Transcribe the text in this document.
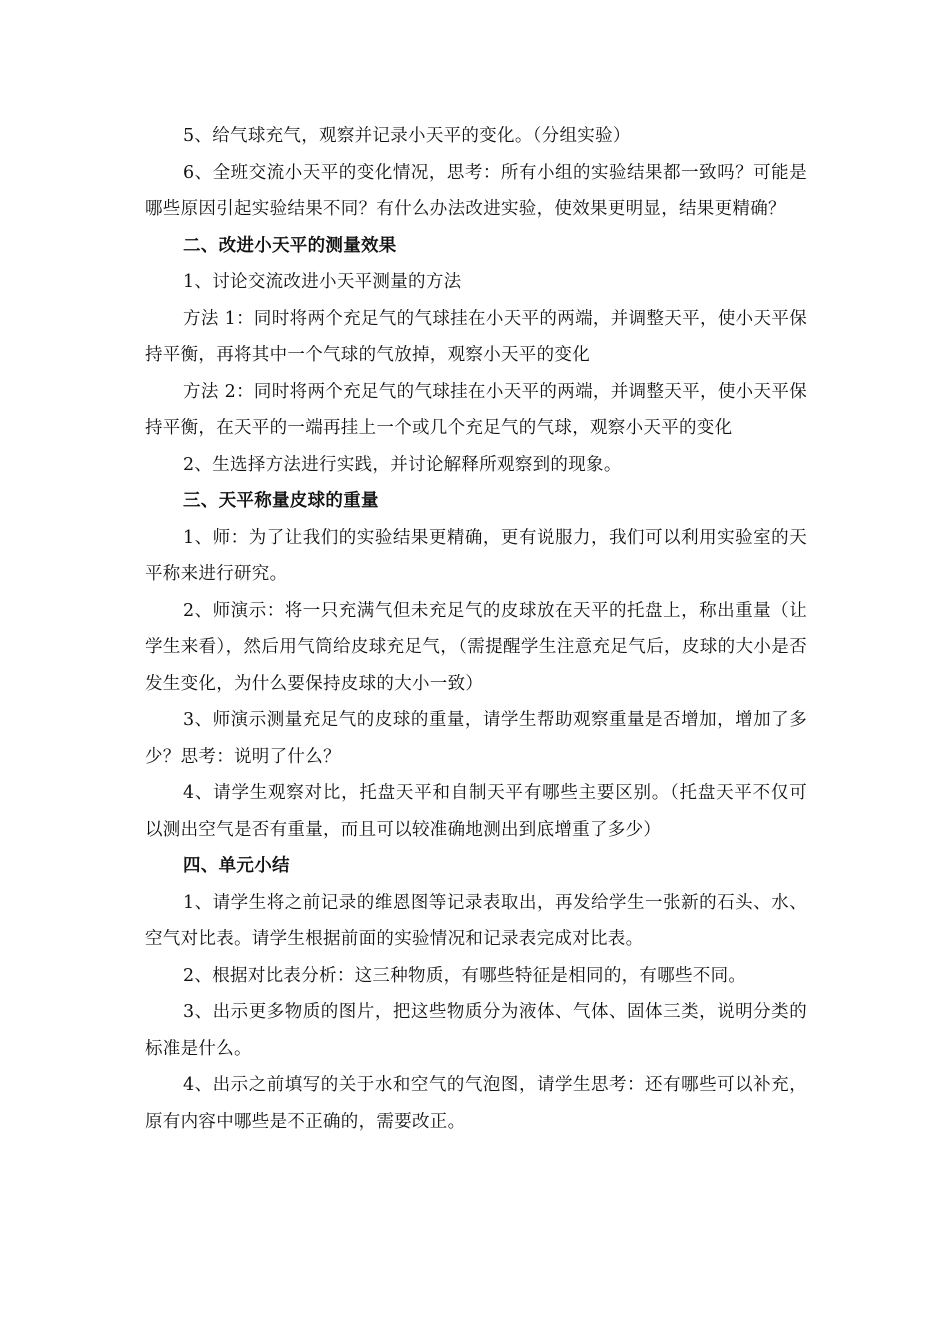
5、给气球充气，观察并记录小天平的变化。（分组实验）

6、全班交流小天平的变化情况，思考：所有小组的实验结果都一致吗？可能是哪些原因引起实验结果不同？有什么办法改进实验，使效果更明显，结果更精确？

二、改进小天平的测量效果

1、讨论交流改进小天平测量的方法

方法 1：同时将两个充足气的气球挂在小天平的两端，并调整天平，使小天平保持平衡，再将其中一个气球的气放掉，观察小天平的变化

方法 2：同时将两个充足气的气球挂在小天平的两端，并调整天平，使小天平保持平衡，在天平的一端再挂上一个或几个充足气的气球，观察小天平的变化

2、生选择方法进行实践，并讨论解释所观察到的现象。

三、天平称量皮球的重量

1、师：为了让我们的实验结果更精确，更有说服力，我们可以利用实验室的天平称来进行研究。

2、师演示：将一只充满气但未充足气的皮球放在天平的托盘上，称出重量（让学生来看），然后用气筒给皮球充足气，（需提醒学生注意充足气后，皮球的大小是否发生变化，为什么要保持皮球的大小一致）

3、师演示测量充足气的皮球的重量，请学生帮助观察重量是否增加，增加了多少？思考：说明了什么？

4、请学生观察对比，托盘天平和自制天平有哪些主要区别。（托盘天平不仅可以测出空气是否有重量，而且可以较准确地测出到底增重了多少）

四、单元小结

1、请学生将之前记录的维恩图等记录表取出，再发给学生一张新的石头、水、空气对比表。请学生根据前面的实验情况和记录表完成对比表。

2、根据对比表分析：这三种物质，有哪些特征是相同的，有哪些不同。

3、出示更多物质的图片，把这些物质分为液体、气体、固体三类，说明分类的标准是什么。

4、出示之前填写的关于水和空气的气泡图，请学生思考：还有哪些可以补充，原有内容中哪些是不正确的，需要改正。
